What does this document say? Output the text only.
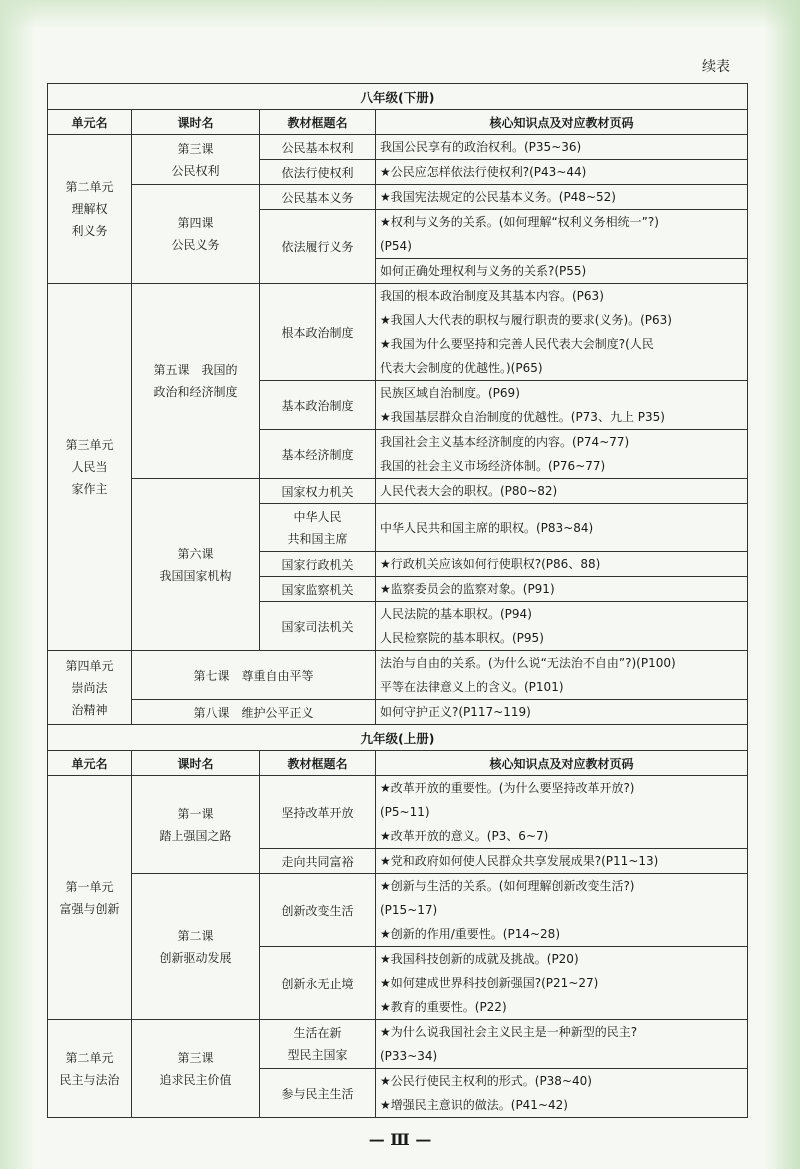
续表
八年级(下册)			
单元名	课时名	教材框题名	核心知识点及对应教材页码

第二单元
理解权
利义务	第三课
公民权利	公民基本权利	我国公民享有的政治权利。(P35~36)
		依法行使权利	★公民应怎样依法行使权利?(P43~44)

	第四课
公民义务	公民基本义务	★我国宪法规定的公民基本义务。(P48~52)
		依法履行义务	★权利与义务的关系。(如何理解“权利义务相统一”?)
(P54)

			如何正确处理权利与义务的关系?(P55)

第三单元
人民当
家作主	第五课　我国的
政治和经济制度	根本政治制度	我国的根本政治制度及其基本内容。(P63)
★我国人大代表的职权与履行职责的要求(义务)。(P63)
★我国为什么要坚持和完善人民代表大会制度?(人民
代表大会制度的优越性。)(P65)

		基本政治制度	民族区域自治制度。(P69)
★我国基层群众自治制度的优越性。(P73、九上 P35)

		基本经济制度	我国社会主义基本经济制度的内容。(P74~77)
我国的社会主义市场经济体制。(P76~77)

	第六课
我国国家机构	国家权力机关	人民代表大会的职权。(P80~82)

		中华人民
共和国主席	中华人民共和国主席的职权。(P83~84)
		国家行政机关	★行政机关应该如何行使职权?(P86、88)
		国家监察机关	★监察委员会的监察对象。(P91)
		国家司法机关	人民法院的基本职权。(P94)
人民检察院的基本职权。(P95)

第四单元
崇尚法
治精神	第七课　尊重自由平等		法治与自由的关系。(为什么说“无法治不自由”?)(P100)
平等在法律意义上的含义。(P101)

	第八课　维护公平正义		如何守护正义?(P117~119)
九年级(上册)			
单元名	课时名	教材框题名	核心知识点及对应教材页码

第一单元
富强与创新	第一课
踏上强国之路	坚持改革开放	★改革开放的重要性。(为什么要坚持改革开放?)
(P5~11)
★改革开放的意义。(P3、6~7)

		走向共同富裕	★党和政府如何使人民群众共享发展成果?(P11~13)

	第二课
创新驱动发展	创新改变生活	★创新与生活的关系。(如何理解创新改变生活?)
(P15~17)
★创新的作用/重要性。(P14~28)

		创新永无止境	★我国科技创新的成就及挑战。(P20)
★如何建成世界科技创新强国?(P21~27)
★教育的重要性。(P22)

第二单元
民主与法治	第三课
追求民主价值	生活在新
型民主国家	★为什么说我国社会主义民主是一种新型的民主?
(P33~34)

		参与民主生活	★公民行使民主权利的形式。(P38~40)
★增强民主意识的做法。(P41~42)
— Ⅲ —
